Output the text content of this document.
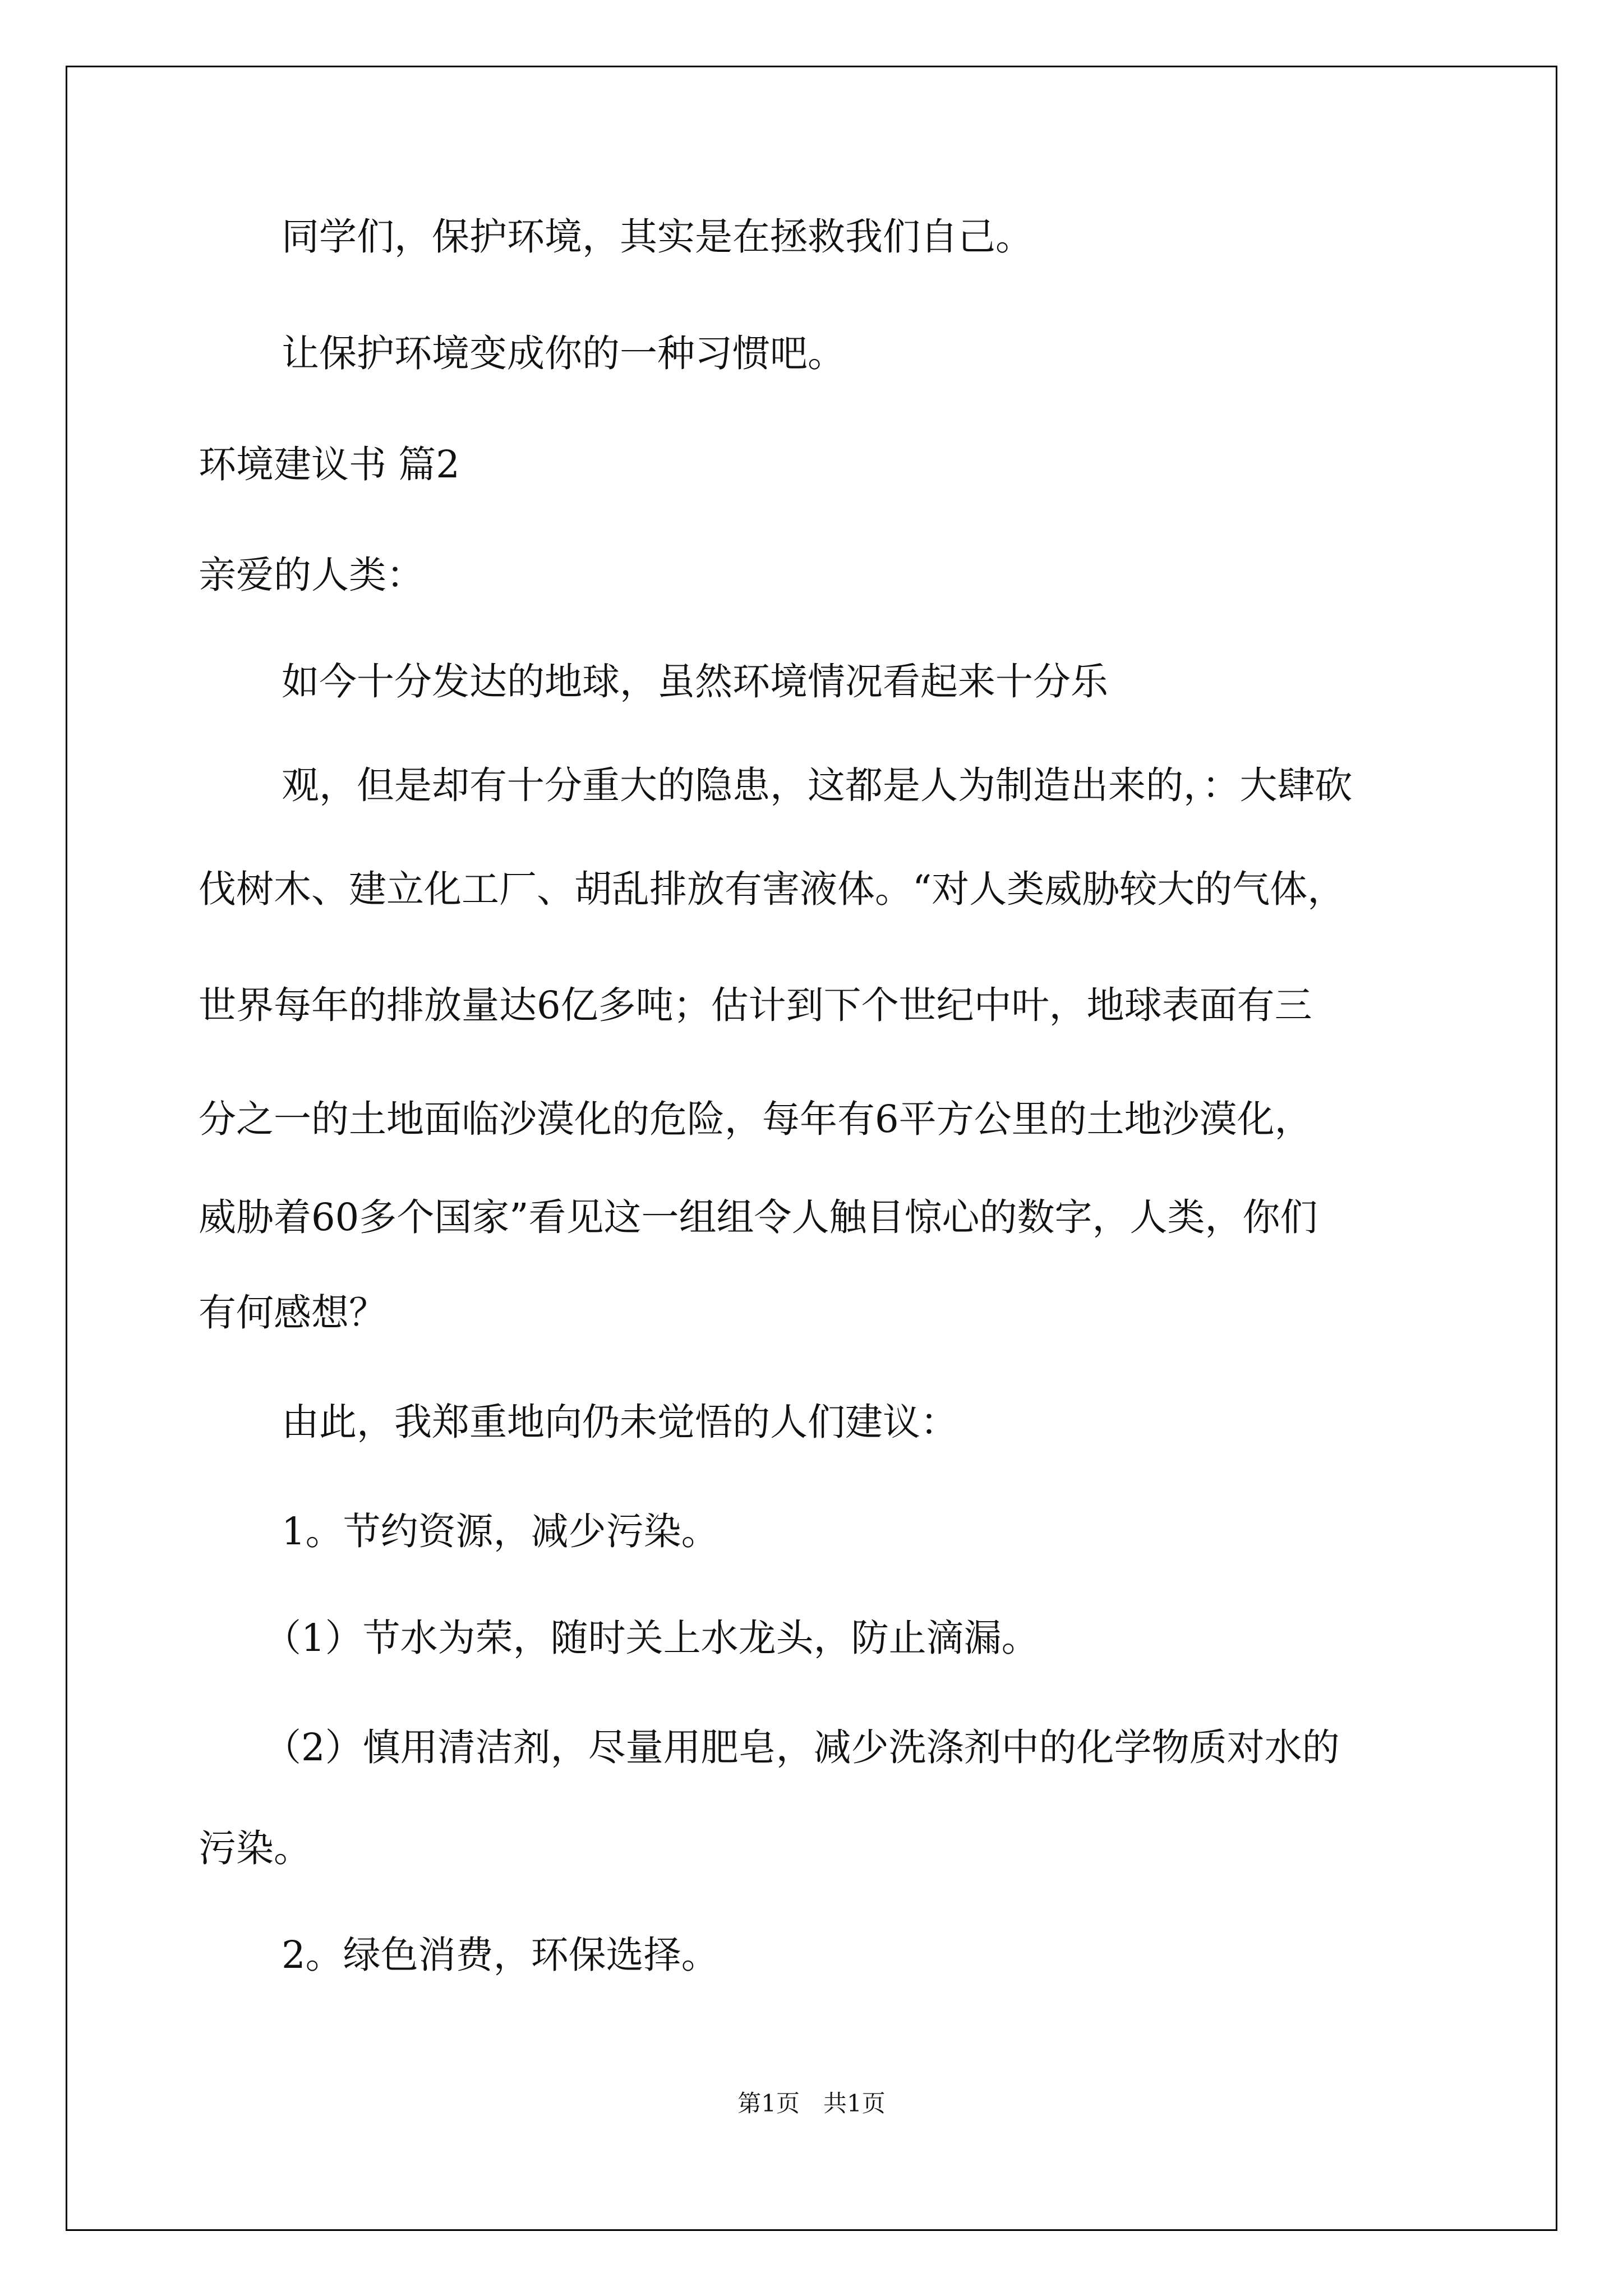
同学们，保护环境，其实是在拯救我们自己。
让保护环境变成你的一种习惯吧。
环境建议书 篇2
亲爱的人类：
如今十分发达的地球，虽然环境情况看起来十分乐
观，但是却有十分重大的隐患，这都是人为制造出来的，：大肆砍
伐树木、建立化工厂、胡乱排放有害液体。“对人类威胁较大的气体，
世界每年的排放量达6亿多吨；估计到下个世纪中叶，地球表面有三
分之一的土地面临沙漠化的危险，每年有6平方公里的土地沙漠化，
威胁着60多个国家”看见这一组组令人触目惊心的数字，人类，你们
有何感想？
由此，我郑重地向仍未觉悟的人们建议：
1。节约资源，减少污染。
（1）节水为荣，随时关上水龙头，防止滴漏。
（2）慎用清洁剂，尽量用肥皂，减少洗涤剂中的化学物质对水的
污染。
2。绿色消费，环保选择。
第1页　共1页
